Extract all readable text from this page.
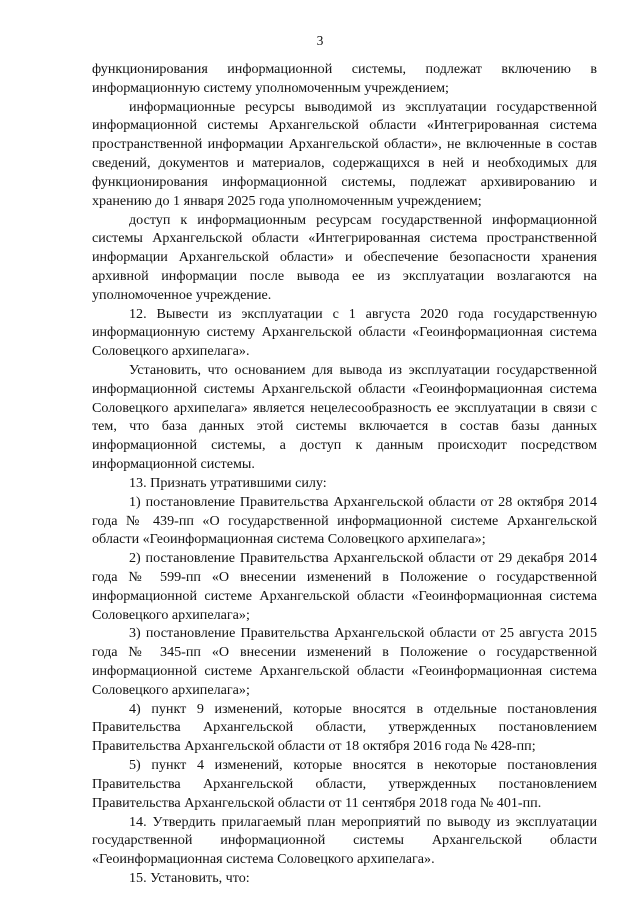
3

функционирования информационной системы, подлежат включению в информационную систему уполномоченным учреждением;

информационные ресурсы выводимой из эксплуатации государственной информационной системы Архангельской области «Интегрированная система пространственной информации Архангельской области», не включенные в состав сведений, документов и материалов, содержащихся в ней и необходимых для функционирования информационной системы, подлежат архивированию и хранению до 1 января 2025 года уполномоченным учреждением;

доступ к информационным ресурсам государственной информационной системы Архангельской области «Интегрированная система пространственной информации Архангельской области» и обеспечение безопасности хранения архивной информации после вывода ее из эксплуатации возлагаются на уполномоченное учреждение.

12. Вывести из эксплуатации с 1 августа 2020 года государственную информационную систему Архангельской области «Геоинформационная система Соловецкого архипелага».

Установить, что основанием для вывода из эксплуатации государственной информационной системы Архангельской области «Геоинформационная система Соловецкого архипелага» является нецелесообразность ее эксплуатации в связи с тем, что база данных этой системы включается в состав базы данных информационной системы, а доступ к данным происходит посредством информационной системы.

13. Признать утратившими силу:

1) постановление Правительства Архангельской области от 28 октября 2014 года № 439-пп «О государственной информационной системе Архангельской области «Геоинформационная система Соловецкого архипелага»;

2) постановление Правительства Архангельской области от 29 декабря 2014 года № 599-пп «О внесении изменений в Положение о государственной информационной системе Архангельской области «Геоинформационная система Соловецкого архипелага»;

3) постановление Правительства Архангельской области от 25 августа 2015 года № 345-пп «О внесении изменений в Положение о государственной информационной системе Архангельской области «Геоинформационная система Соловецкого архипелага»;

4) пункт 9 изменений, которые вносятся в отдельные постановления Правительства Архангельской области, утвержденных постановлением Правительства Архангельской области от 18 октября 2016 года № 428-пп;

5) пункт 4 изменений, которые вносятся в некоторые постановления Правительства Архангельской области, утвержденных постановлением Правительства Архангельской области от 11 сентября 2018 года № 401-пп.

14. Утвердить прилагаемый план мероприятий по выводу из эксплуатации государственной информационной системы Архангельской области «Геоинформационная система Соловецкого архипелага».

15. Установить, что:
